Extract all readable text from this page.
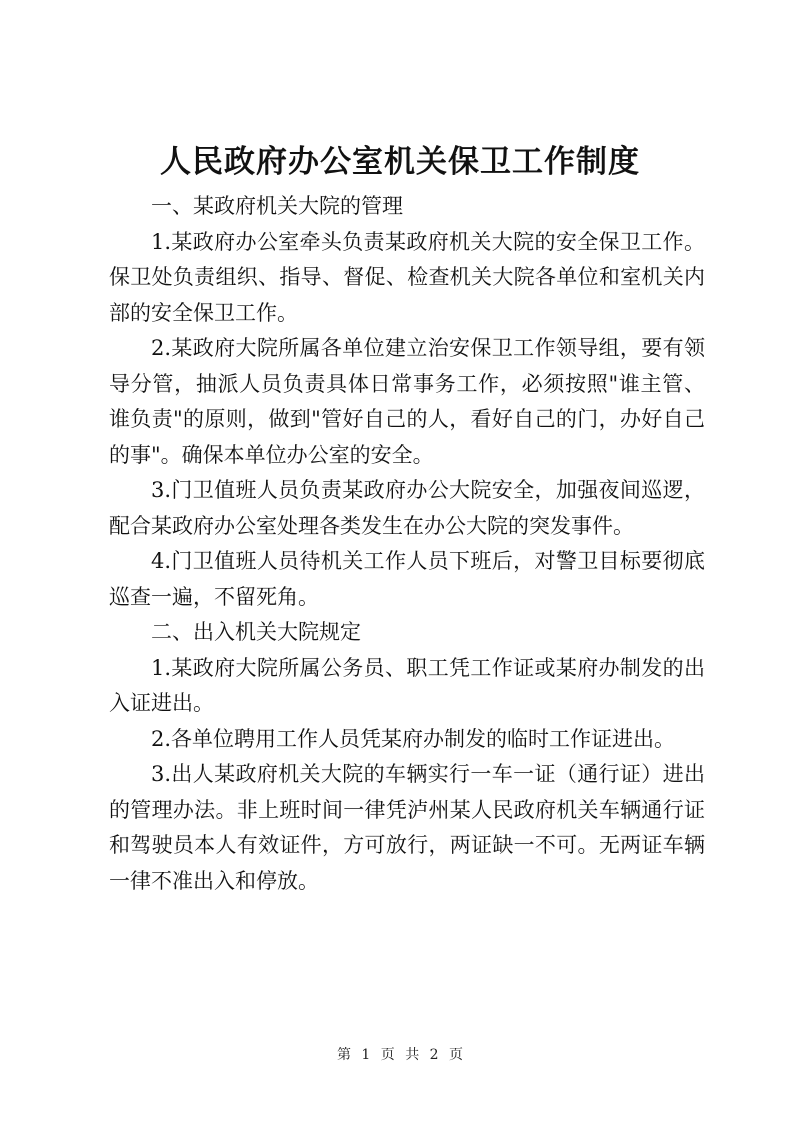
人民政府办公室机关保卫工作制度

一、某政府机关大院的管理

1.某政府办公室牵头负责某政府机关大院的安全保卫工作。保卫处负责组织、指导、督促、检查机关大院各单位和室机关内部的安全保卫工作。

2.某政府大院所属各单位建立治安保卫工作领导组，要有领导分管，抽派人员负责具体日常事务工作，必须按照"谁主管、谁负责"的原则，做到"管好自己的人，看好自己的门，办好自己的事"。确保本单位办公室的安全。

3.门卫值班人员负责某政府办公大院安全，加强夜间巡逻，配合某政府办公室处理各类发生在办公大院的突发事件。

4.门卫值班人员待机关工作人员下班后，对警卫目标要彻底巡查一遍，不留死角。

二、出入机关大院规定

1.某政府大院所属公务员、职工凭工作证或某府办制发的出入证进出。

2.各单位聘用工作人员凭某府办制发的临时工作证进出。

3.出人某政府机关大院的车辆实行一车一证（通行证）进出的管理办法。非上班时间一律凭泸州某人民政府机关车辆通行证和驾驶员本人有效证件，方可放行，两证缺一不可。无两证车辆一律不准出入和停放。

第 1 页 共 2 页
